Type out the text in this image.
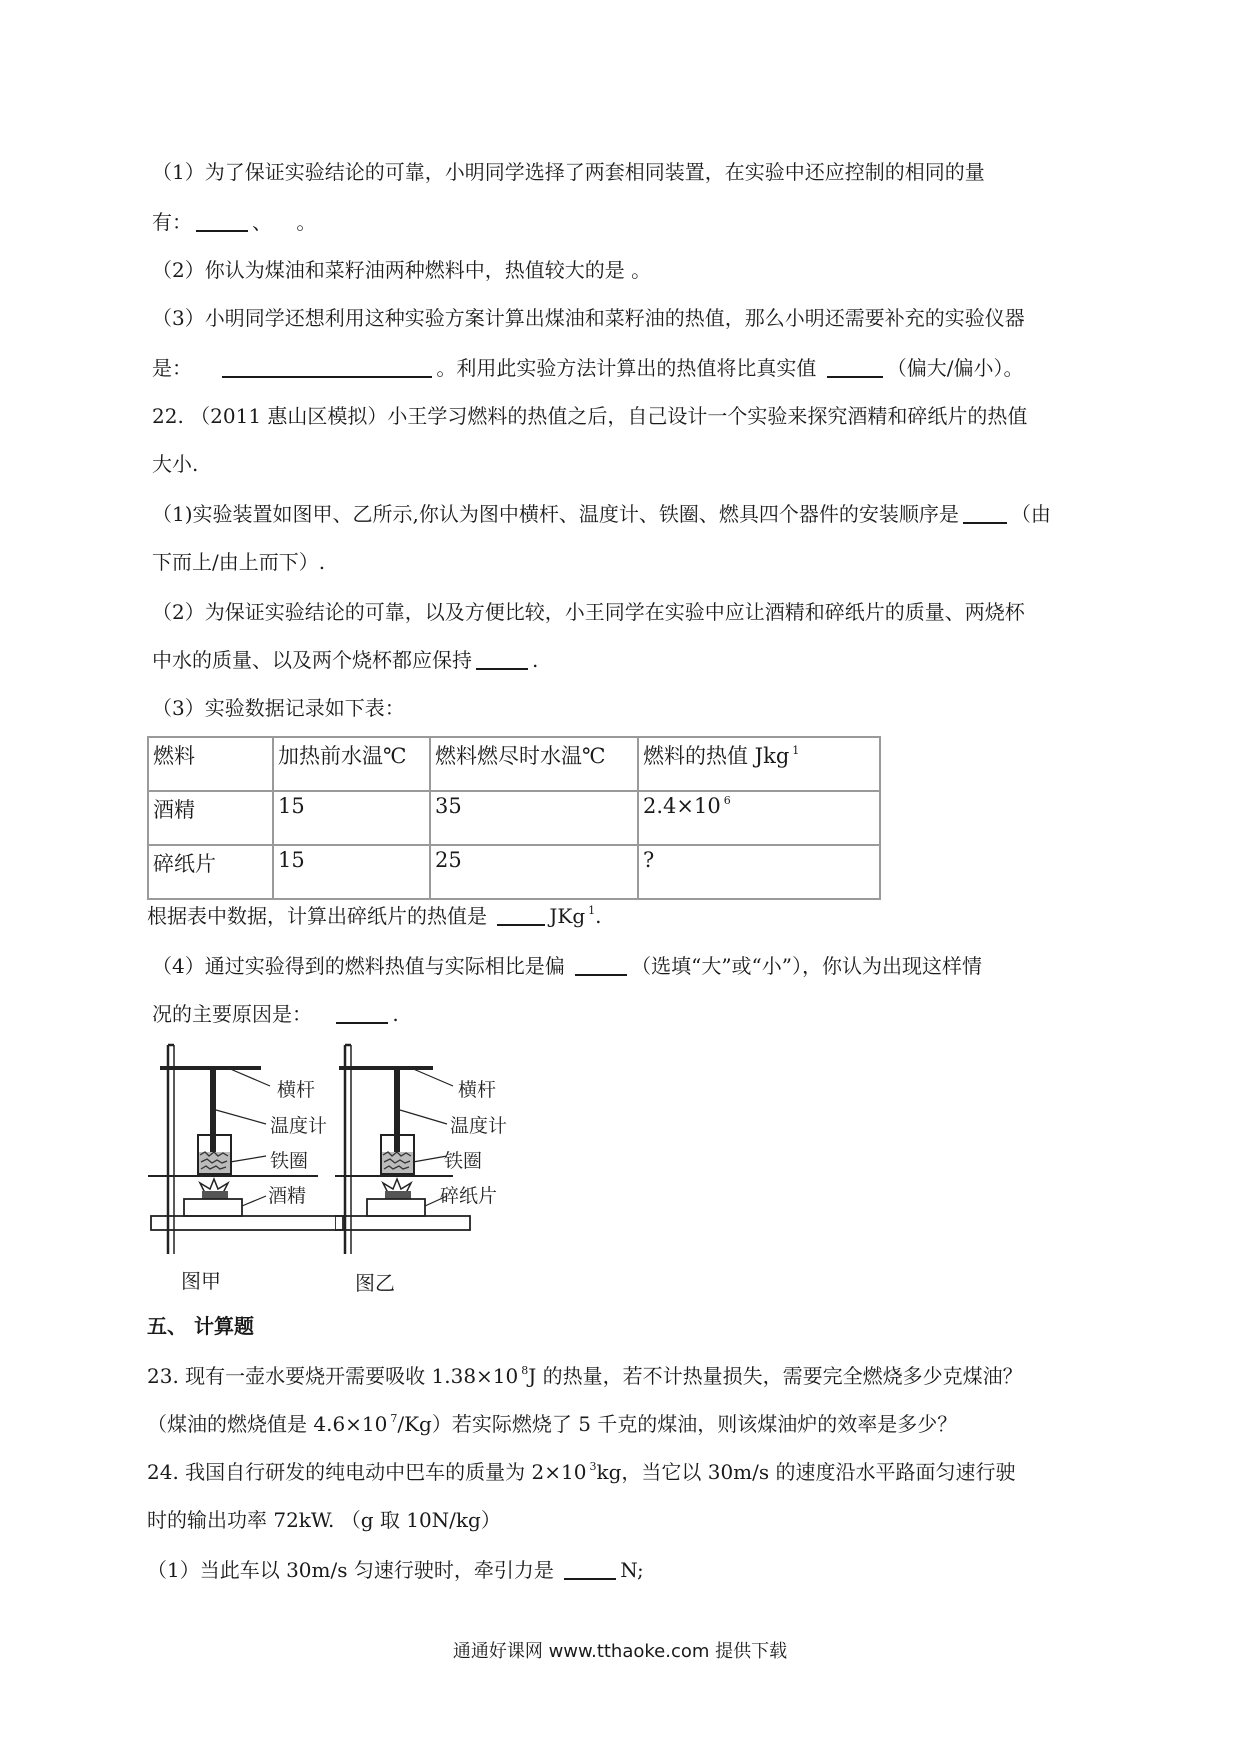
（1）为了保证实验结论的可靠，小明同学选择了两套相同装置，在实验中还应控制的相同的量
有：	、 。
（2）你认为煤油和菜籽油两种燃料中，热值较大的是 。
（3）小明同学还想利用这种实验方案计算出煤油和菜籽油的热值，那么小明还需要补充的实验仪器
是：	。利用此实验方法计算出的热值将比真实值	（偏大/偏小）。
22. （2011 惠山区模拟）小王学习燃料的热值之后，自己设计一个实验来探究酒精和碎纸片的热值
大小.
（1)实验装置如图甲、乙所示,你认为图中横杆、温度计、铁圈、燃具四个器件的安装顺序是	（由
下而上/由上而下）.
（2）为保证实验结论的可靠，以及方便比较，小王同学在实验中应让酒精和碎纸片的质量、两烧杯
中水的质量、以及两个烧杯都应保持	.
（3）实验数据记录如下表：
燃料	加热前水温℃	燃料燃尽时水温℃	燃料的热值 Jkg $^1$
酒精	15	35	2.4×10 $^6$
碎纸片	15	25	?
根据表中数据，计算出碎纸片的热值是	JKg $^1$.
（4）通过实验得到的燃料热值与实际相比是偏	（选填“大”或“小”），你认为出现这样情
况的主要原因是：	.
横杆
温度计
铁圈
酒精
图甲
横杆
温度计
铁圈
碎纸片
图乙
五、 计算题
23. 现有一壶水要烧开需要吸收 1.38×10 $^8$J 的热量，若不计热量损失，需要完全燃烧多少克煤油？
（煤油的燃烧值是 4.6×10 $^7$/Kg）若实际燃烧了 5 千克的煤油，则该煤油炉的效率是多少？
24. 我国自行研发的纯电动中巴车的质量为 2×10 $^3$kg，当它以 30m/s 的速度沿水平路面匀速行驶
时的输出功率 72kW. （g 取 10N/kg）
（1）当此车以 30m/s 匀速行驶时，牵引力是	N;
通通好课网 www.tthaoke.com 提供下载
